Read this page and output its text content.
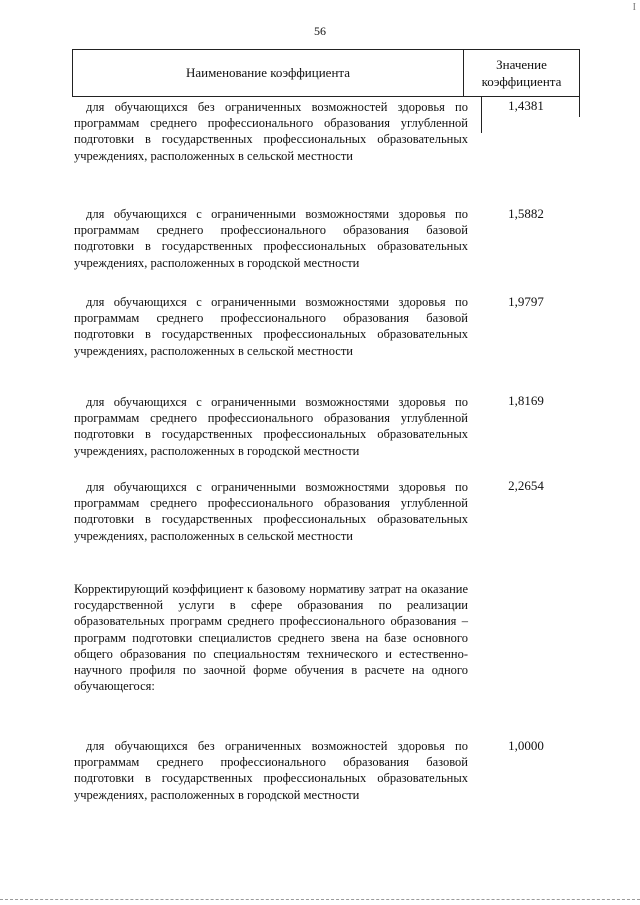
56
I
Наименование коэффициента
Значение
коэффициента

для обучающихся без ограниченных возможностей здоровья по программам среднего профессионального образования углубленной подготовки в государственных профессиональных образовательных учреждениях, расположенных в сельской местности

1,4381

для обучающихся с ограниченными возможностями здоровья по программам среднего профессионального образования базовой подготовки в государственных профессиональных образовательных учреждениях, расположенных в городской местности

1,5882

для обучающихся с ограниченными возможностями здоровья по программам среднего профессионального образования базовой подготовки в государственных профессиональных образовательных учреждениях, расположенных в сельской местности

1,9797

для обучающихся с ограниченными возможностями здоровья по программам среднего профессионального образования углубленной подготовки в государственных профессиональных образовательных учреждениях, расположенных в городской местности

1,8169

для обучающихся с ограниченными возможностями здоровья по программам среднего профессионального образования углубленной подготовки в государственных профессиональных образовательных учреждениях, расположенных в сельской местности

2,2654

Корректирующий коэффициент к базовому нормативу затрат на оказание государственной услуги в сфере образования по реализации образовательных программ среднего профессионального образования – программ подготовки специалистов среднего звена на базе основного общего образования по специальностям технического и естественно-научного профиля по заочной форме обучения в расчете на одного обучающегося:

для обучающихся без ограниченных возможностей здоровья по программам среднего профессионального образования базовой подготовки в государственных профессиональных образовательных учреждениях, расположенных в городской местности

1,0000
